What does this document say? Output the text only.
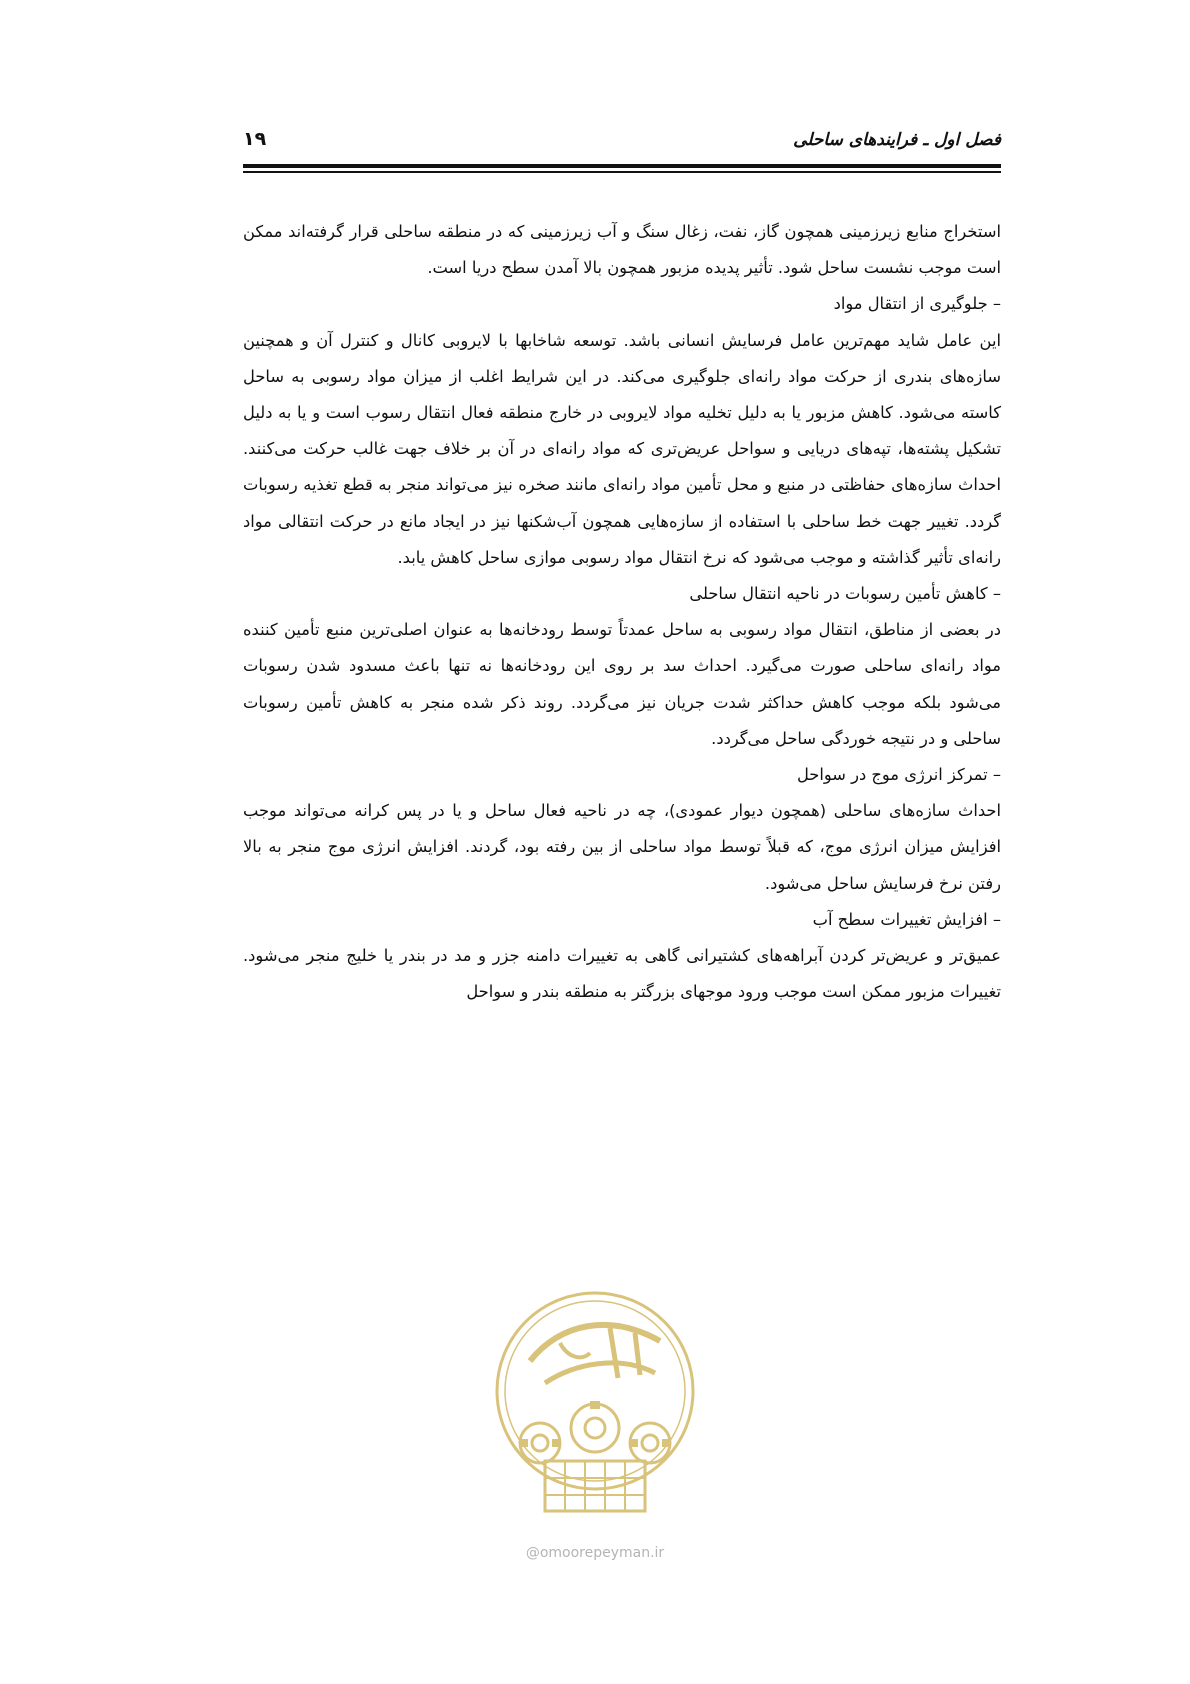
فصل اول ـ فرایندهای ساحلی
۱۹

استخراج منابع زیرزمینی همچون گاز، نفت، زغال سنگ و آب زیرزمینی که در منطقه ساحلی قرار گرفته‌اند ممکن است موجب نشست ساحل شود. تأثیر پدیده مزبور همچون بالا آمدن سطح دریا است.

– جلوگیری از انتقال مواد

این عامل شاید مهم‌ترین عامل فرسایش انسانی باشد. توسعه شاخابها با لایروبی کانال و کنترل آن و همچنین سازه‌های بندری از حرکت مواد رانه‌ای جلوگیری می‌کند. در این شرایط اغلب از میزان مواد رسوبی به ساحل کاسته می‌شود. کاهش مزبور یا به دلیل تخلیه مواد لایروبی در خارج منطقه فعال انتقال رسوب است و یا به دلیل تشکیل پشته‌ها، تپه‌های دریایی و سواحل عریض‌تری که مواد رانه‌ای در آن بر خلاف جهت غالب حرکت می‌کنند. احداث سازه‌های حفاظتی در منبع و محل تأمین مواد رانه‌ای مانند صخره نیز می‌تواند منجر به قطع تغذیه رسوبات گردد. تغییر جهت خط ساحلی با استفاده از سازه‌هایی همچون آب‌شکنها نیز در ایجاد مانع در حرکت انتقالی مواد رانه‌ای تأثیر گذاشته و موجب می‌شود که نرخ انتقال مواد رسوبی موازی ساحل کاهش یابد.

– کاهش تأمین رسوبات در ناحیه انتقال ساحلی

در بعضی از مناطق، انتقال مواد رسوبی به ساحل عمدتاً توسط رودخانه‌ها به عنوان اصلی‌ترین منبع تأمین کننده مواد رانه‌ای ساحلی صورت می‌گیرد. احداث سد بر روی این رودخانه‌ها نه تنها باعث مسدود شدن رسوبات می‌شود بلکه موجب کاهش حداکثر شدت جریان نیز می‌گردد. روند ذکر شده منجر به کاهش تأمین رسوبات ساحلی و در نتیجه خوردگی ساحل می‌گردد.

– تمرکز انرژی موج در سواحل

احداث سازه‌های ساحلی (همچون دیوار عمودی)، چه در ناحیه فعال ساحل و یا در پس کرانه می‌تواند موجب افزایش میزان انرژی موج، که قبلاً توسط مواد ساحلی از بین رفته بود، گردند. افزایش انرژی موج منجر به بالا رفتن نرخ فرسایش ساحل می‌شود.

– افزایش تغییرات سطح آب

عمیق‌تر و عریض‌تر کردن آبراهه‌های کشتیرانی گاهی به تغییرات دامنه جزر و مد در بندر یا خلیج منجر می‌شود. تغییرات مزبور ممکن است موجب ورود موجهای بزرگتر به منطقه بندر و سواحل

@omoorepeyman.ir
